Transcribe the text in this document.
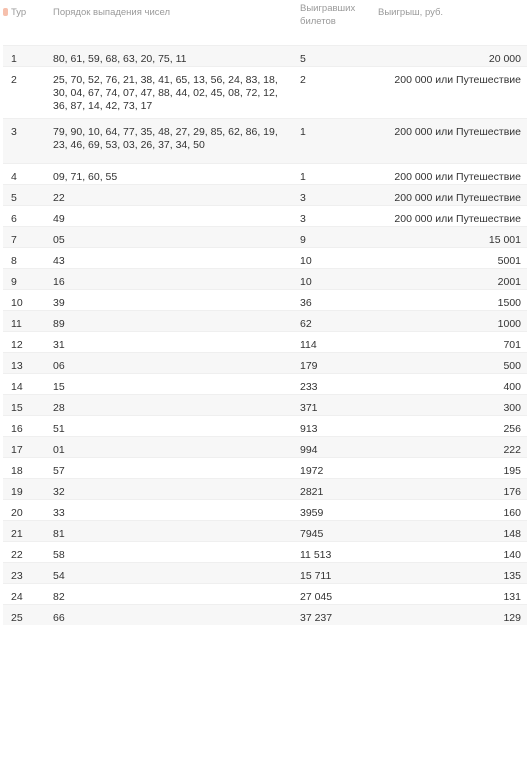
Тур	Порядок выпадения чисел	Выигравших билетов	Выигрыш, руб.
1	80, 61, 59, 68, 63, 20, 75, 11	5	20 000
2	25, 70, 52, 76, 21, 38, 41, 65, 13, 56, 24, 83, 18, 30, 04, 67, 74, 07, 47, 88, 44, 02, 45, 08, 72, 12, 36, 87, 14, 42, 73, 17	2	200 000 или Путешествие
3	79, 90, 10, 64, 77, 35, 48, 27, 29, 85, 62, 86, 19, 23, 46, 69, 53, 03, 26, 37, 34, 50	1	200 000 или Путешествие
4	09, 71, 60, 55	1	200 000 или Путешествие
5	22	3	200 000 или Путешествие
6	49	3	200 000 или Путешествие
7	05	9	15 001
8	43	10	5001
9	16	10	2001
10	39	36	1500
11	89	62	1000
12	31	114	701
13	06	179	500
14	15	233	400
15	28	371	300
16	51	913	256
17	01	994	222
18	57	1972	195
19	32	2821	176
20	33	3959	160
21	81	7945	148
22	58	11 513	140
23	54	15 711	135
24	82	27 045	131
25	66	37 237	129
